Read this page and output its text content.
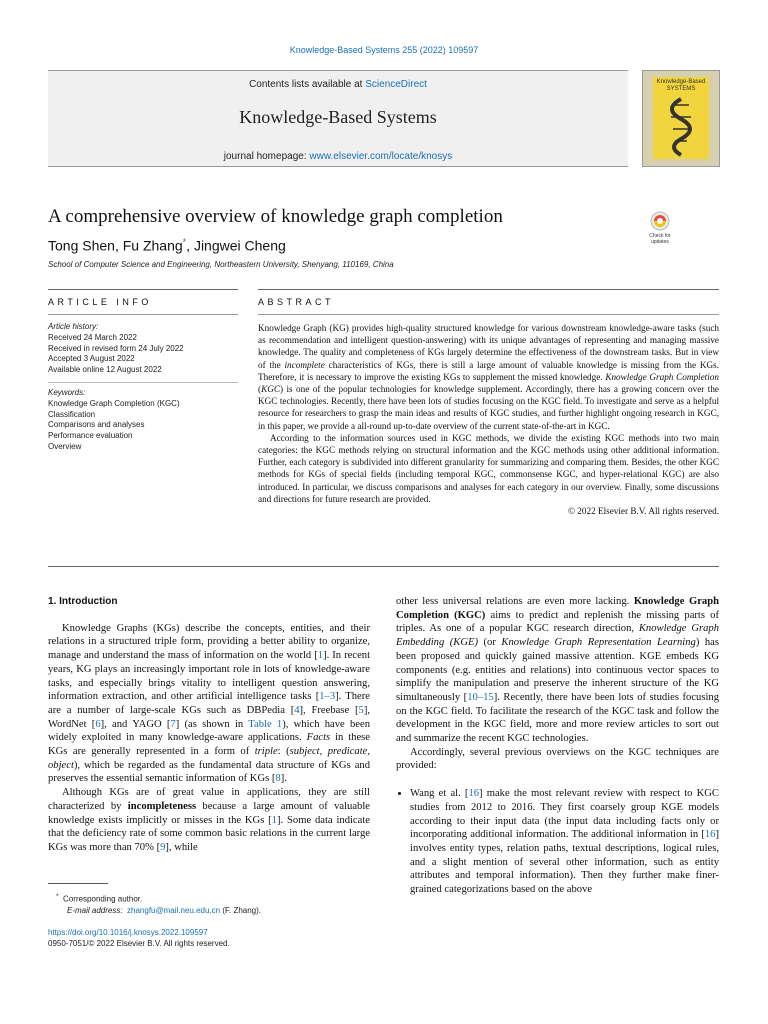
Knowledge-Based Systems 255 (2022) 109597
Contents lists available at ScienceDirect
Knowledge-Based Systems
journal homepage: www.elsevier.com/locate/knosys
Knowledge-Based SYSTEMS
A comprehensive overview of knowledge graph completion
Tong Shen, Fu Zhang*, Jingwei Cheng
School of Computer Science and Engineering, Northeastern University, Shenyang, 110169, China
Check for updates
ARTICLE INFO	ABSTRACT
Article history:
Received 24 March 2022
Received in revised form 24 July 2022
Accepted 3 August 2022
Available online 12 August 2022
Keywords:
Knowledge Graph Completion (KGC)
Classification
Comparisons and analyses
Performance evaluation
Overview

Knowledge Graph (KG) provides high-quality structured knowledge for various downstream knowledge-aware tasks (such as recommendation and intelligent question-answering) with its unique advantages of representing and managing massive knowledge. The quality and completeness of KGs largely determine the effectiveness of the downstream tasks. But in view of the incomplete characteristics of KGs, there is still a large amount of valuable knowledge is missing from the KGs. Therefore, it is necessary to improve the existing KGs to supplement the missed knowledge. Knowledge Graph Completion (KGC) is one of the popular technologies for knowledge supplement. Accordingly, there has a growing concern over the KGC technologies. Recently, there have been lots of studies focusing on the KGC field. To investigate and serve as a helpful resource for researchers to grasp the main ideas and results of KGC studies, and further highlight ongoing research in KGC, in this paper, we provide a all-round up-to-date overview of the current state-of-the-art in KGC.

According to the information sources used in KGC methods, we divide the existing KGC methods into two main categories: the KGC methods relying on structural information and the KGC methods using other additional information. Further, each category is subdivided into different granularity for summarizing and comparing them. Besides, the other KGC methods for KGs of special fields (including temporal KGC, commonsense KGC, and hyper-relational KGC) are also introduced. In particular, we discuss comparisons and analyses for each category in our overview. Finally, some discussions and directions for future research are provided.

© 2022 Elsevier B.V. All rights reserved.

1. Introduction

Knowledge Graphs (KGs) describe the concepts, entities, and their relations in a structured triple form, providing a better ability to organize, manage and understand the mass of information on the world [1]. In recent years, KG plays an increasingly important role in lots of knowledge-aware tasks, and especially brings vitality to intelligent question answering, information extraction, and other artificial intelligence tasks [1–3]. There are a number of large-scale KGs such as DBPedia [4], Freebase [5], WordNet [6], and YAGO [7] (as shown in Table 1), which have been widely exploited in many knowledge-aware applications. Facts in these KGs are generally represented in a form of triple: (subject, predicate, object), which be regarded as the fundamental data structure of KGs and preserves the essential semantic information of KGs [8].

Although KGs are of great value in applications, they are still characterized by incompleteness because a large amount of valuable knowledge exists implicitly or misses in the KGs [1]. Some data indicate that the deficiency rate of some common basic relations in the current large KGs was more than 70% [9], while

* Corresponding author.
E-mail address: zhangfu@mail.neu.edu.cn (F. Zhang).
https://doi.org/10.1016/j.knosys.2022.109597
0950-7051/© 2022 Elsevier B.V. All rights reserved.

other less universal relations are even more lacking. Knowledge Graph Completion (KGC) aims to predict and replenish the missing parts of triples. As one of a popular KGC research direction, Knowledge Graph Embedding (KGE) (or Knowledge Graph Representation Learning) has been proposed and quickly gained massive attention. KGE embeds KG components (e.g. entities and relations) into continuous vector spaces to simplify the manipulation and preserve the inherent structure of the KG simultaneously [10–15]. Recently, there have been lots of studies focusing on the KGC field. To facilitate the research of the KGC task and follow the development in the KGC field, more and more review articles to sort out and summarize the recent KGC technologies.

Accordingly, several previous overviews on the KGC techniques are provided:

• Wang et al. [16] make the most relevant review with respect to KGC studies from 2012 to 2016. They first coarsely group KGE models according to their input data (the input data including facts only or incorporating additional information. The additional information in [16] involves entity types, relation paths, textual descriptions, logical rules, and a slight mention of several other information, such as entity attributes and temporal information). Then they further make finer-grained categorizations based on the above
